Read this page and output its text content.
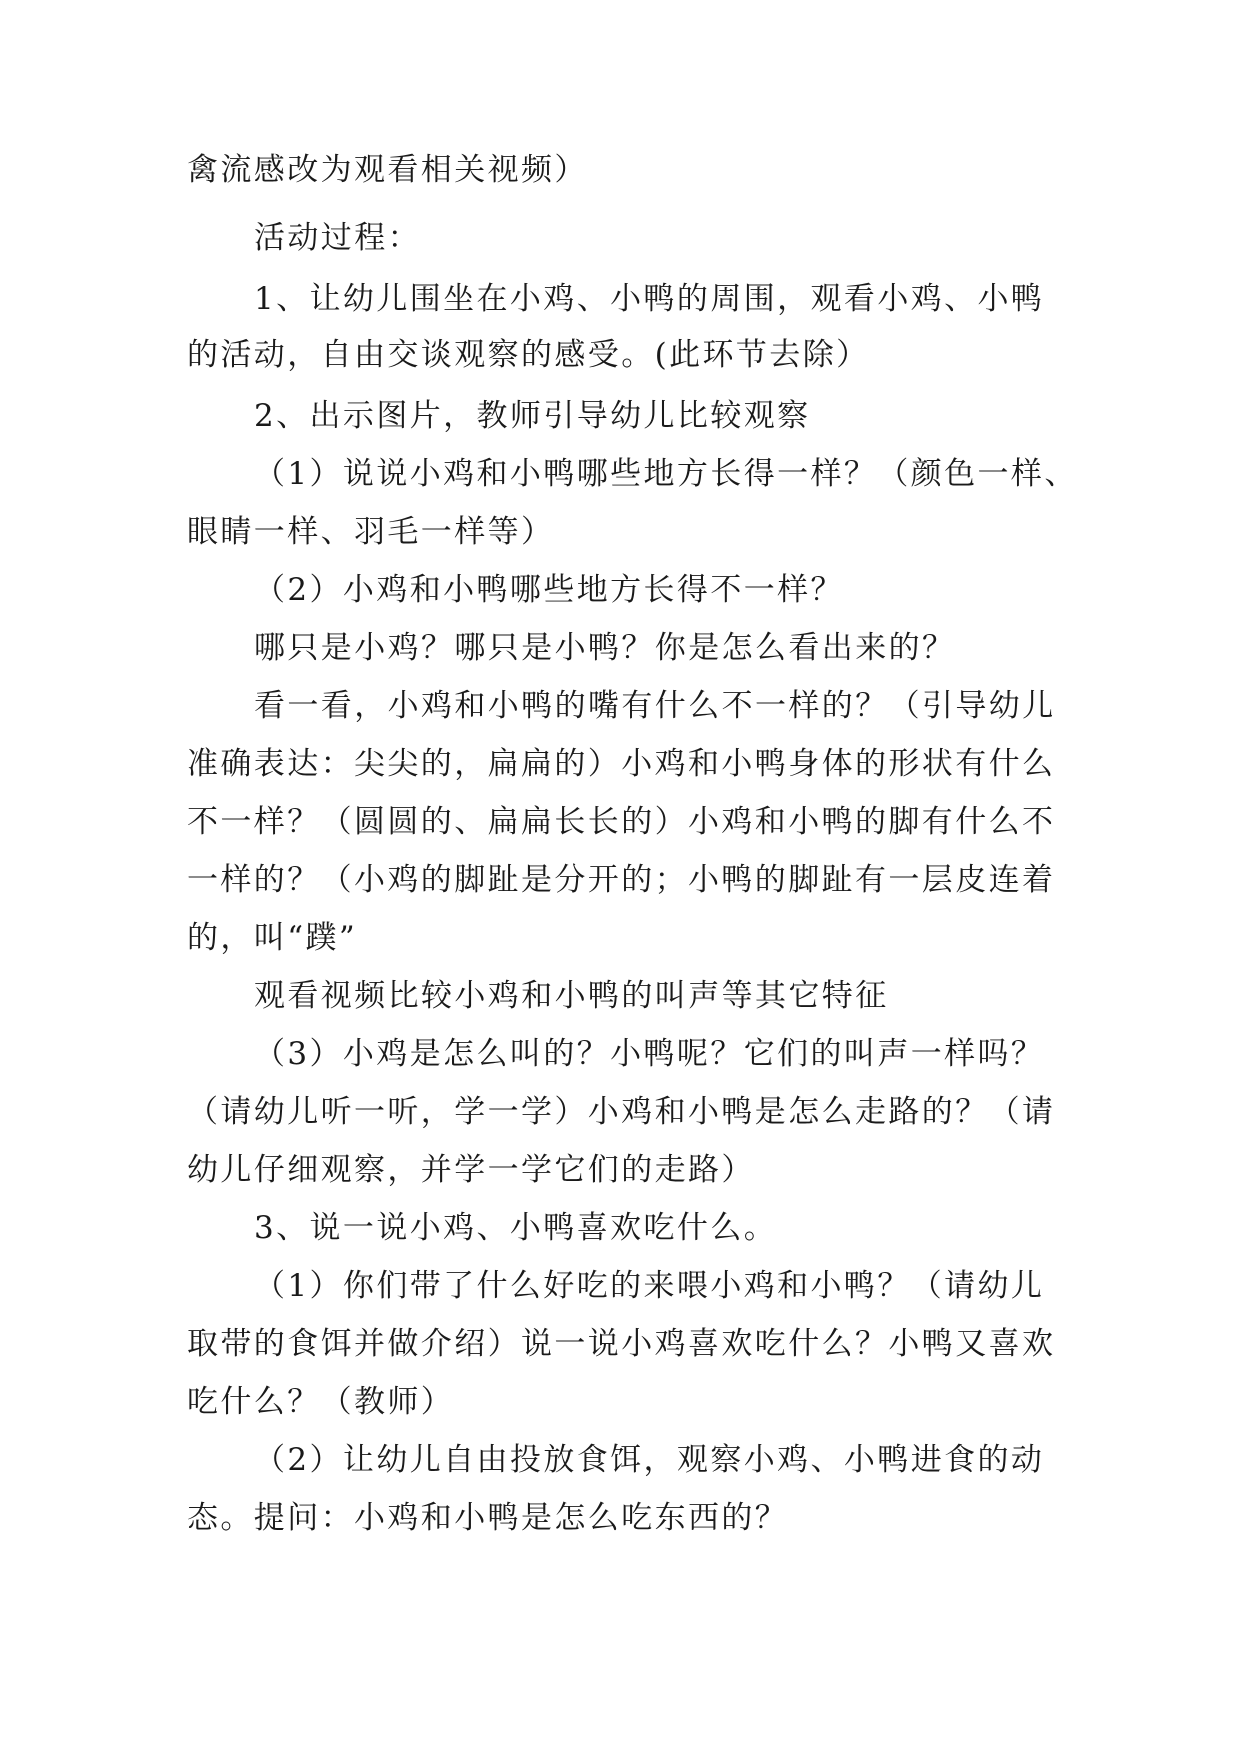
禽流感改为观看相关视频）
活动过程：
1、让幼儿围坐在小鸡、小鸭的周围，观看小鸡、小鸭
的活动，自由交谈观察的感受。(此环节去除）
2、出示图片，教师引导幼儿比较观察
（1）说说小鸡和小鸭哪些地方长得一样？（颜色一样、
眼睛一样、羽毛一样等）
（2）小鸡和小鸭哪些地方长得不一样？
哪只是小鸡？哪只是小鸭？你是怎么看出来的？
看一看，小鸡和小鸭的嘴有什么不一样的？（引导幼儿
准确表达：尖尖的，扁扁的）小鸡和小鸭身体的形状有什么
不一样？（圆圆的、扁扁长长的）小鸡和小鸭的脚有什么不
一样的？（小鸡的脚趾是分开的；小鸭的脚趾有一层皮连着
的，叫“蹼”
观看视频比较小鸡和小鸭的叫声等其它特征
（3）小鸡是怎么叫的？小鸭呢？它们的叫声一样吗？
（请幼儿听一听，学一学）小鸡和小鸭是怎么走路的？（请
幼儿仔细观察，并学一学它们的走路）
3、说一说小鸡、小鸭喜欢吃什么。
（1）你们带了什么好吃的来喂小鸡和小鸭？（请幼儿
取带的食饵并做介绍）说一说小鸡喜欢吃什么？小鸭又喜欢
吃什么？（教师）
（2）让幼儿自由投放食饵，观察小鸡、小鸭进食的动
态。提问：小鸡和小鸭是怎么吃东西的？
